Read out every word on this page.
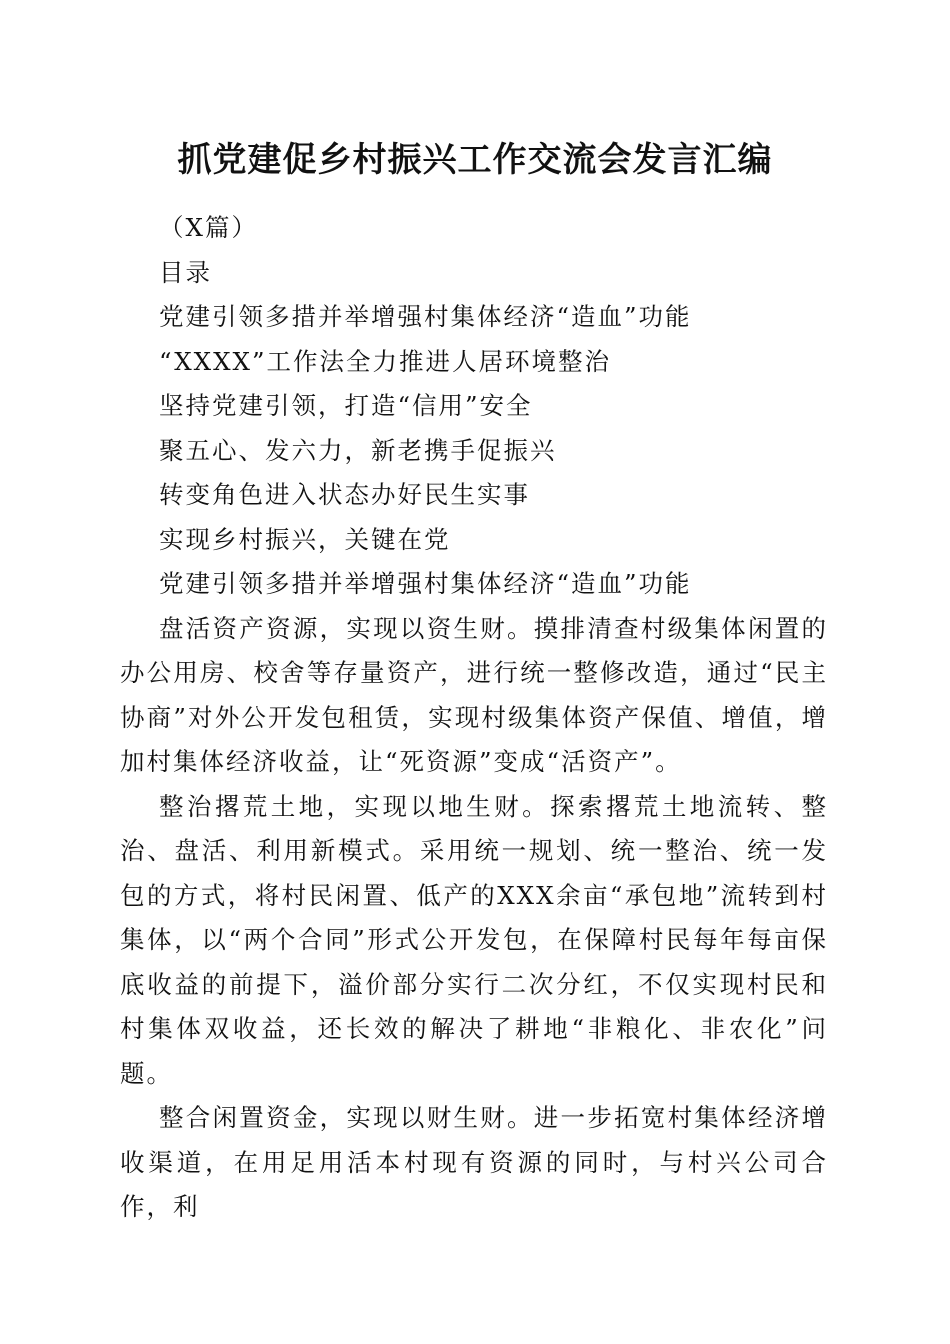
抓党建促乡村振兴工作交流会发言汇编
（X篇）
目录
党建引领多措并举增强村集体经济“造血”功能
“XXXX”工作法全力推进人居环境整治
坚持党建引领，打造“信用”安全
聚五心、发六力，新老携手促振兴
转变角色进入状态办好民生实事
实现乡村振兴，关键在党
党建引领多措并举增强村集体经济“造血”功能

盘活资产资源，实现以资生财。摸排清查村级集体闲置的办公用房、校舍等存量资产，进行统一整修改造，通过“民主协商”对外公开发包租赁，实现村级集体资产保值、增值，增加村集体经济收益，让“死资源”变成“活资产”。

整治撂荒土地，实现以地生财。探索撂荒土地流转、整治、盘活、利用新模式。采用统一规划、统一整治、统一发包的方式，将村民闲置、低产的XXX余亩“承包地”流转到村集体，以“两个合同”形式公开发包，在保障村民每年每亩保底收益的前提下，溢价部分实行二次分红，不仅实现村民和村集体双收益，还长效的解决了耕地“非粮化、非农化”问题。

整合闲置资金，实现以财生财。进一步拓宽村集体经济增收渠道，在用足用活本村现有资源的同时，与村兴公司合作，利
